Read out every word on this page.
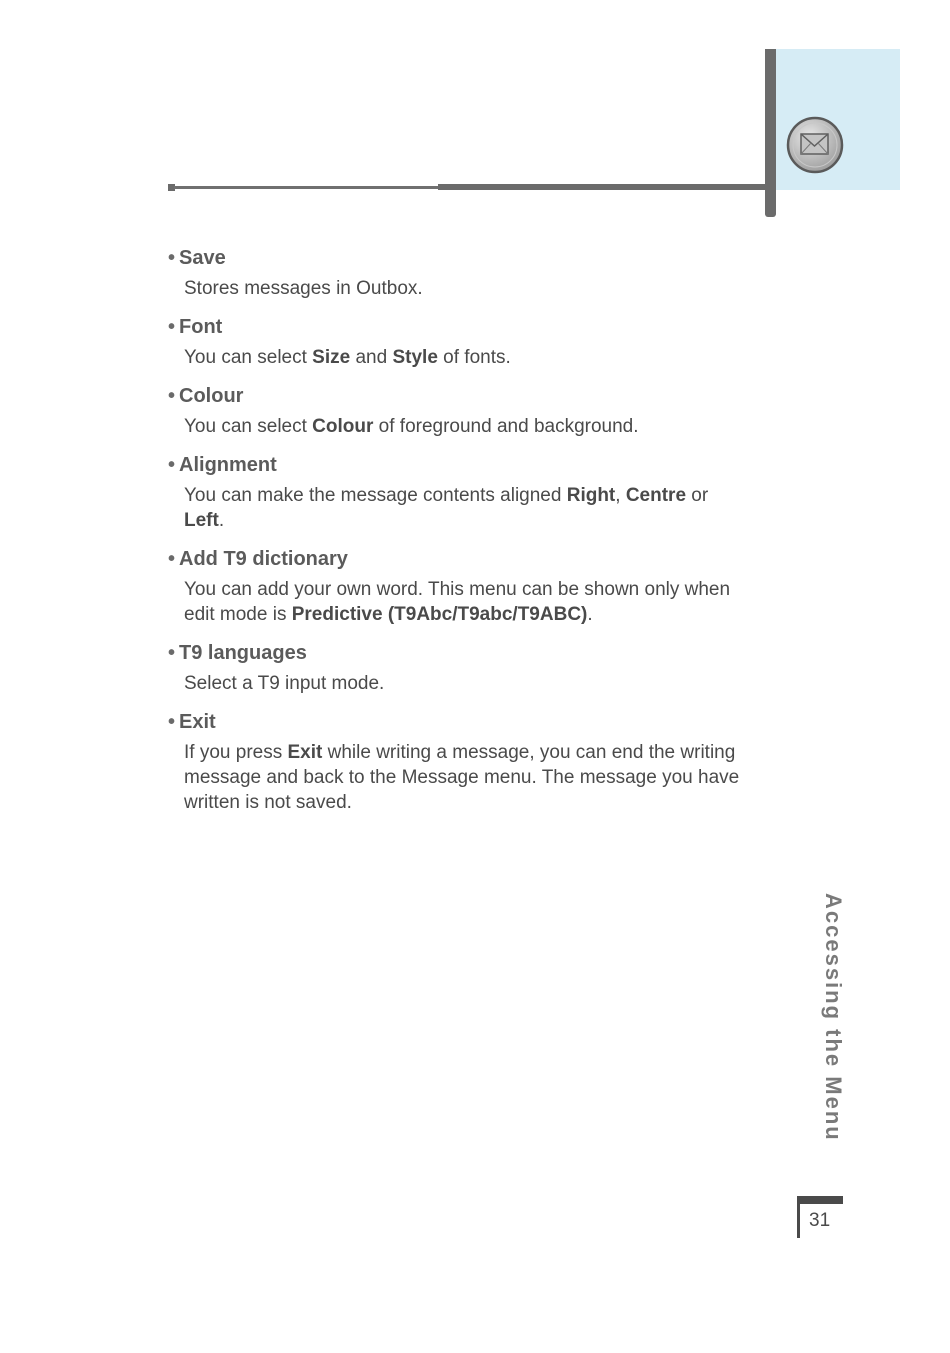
• Save
Stores messages in Outbox.
• Font
You can select Size and Style of fonts.
• Colour
You can select Colour of foreground and background.
• Alignment
You can make the message contents aligned Right, Centre or
Left.
• Add T9 dictionary
You can add your own word. This menu can be shown only when
edit mode is Predictive (T9Abc/T9abc/T9ABC).
• T9 languages
Select a T9 input mode.
• Exit
If you press Exit while writing a message, you can end the writing
message and back to the Message menu. The message you have
written is not saved.
Accessing the Menu
31
